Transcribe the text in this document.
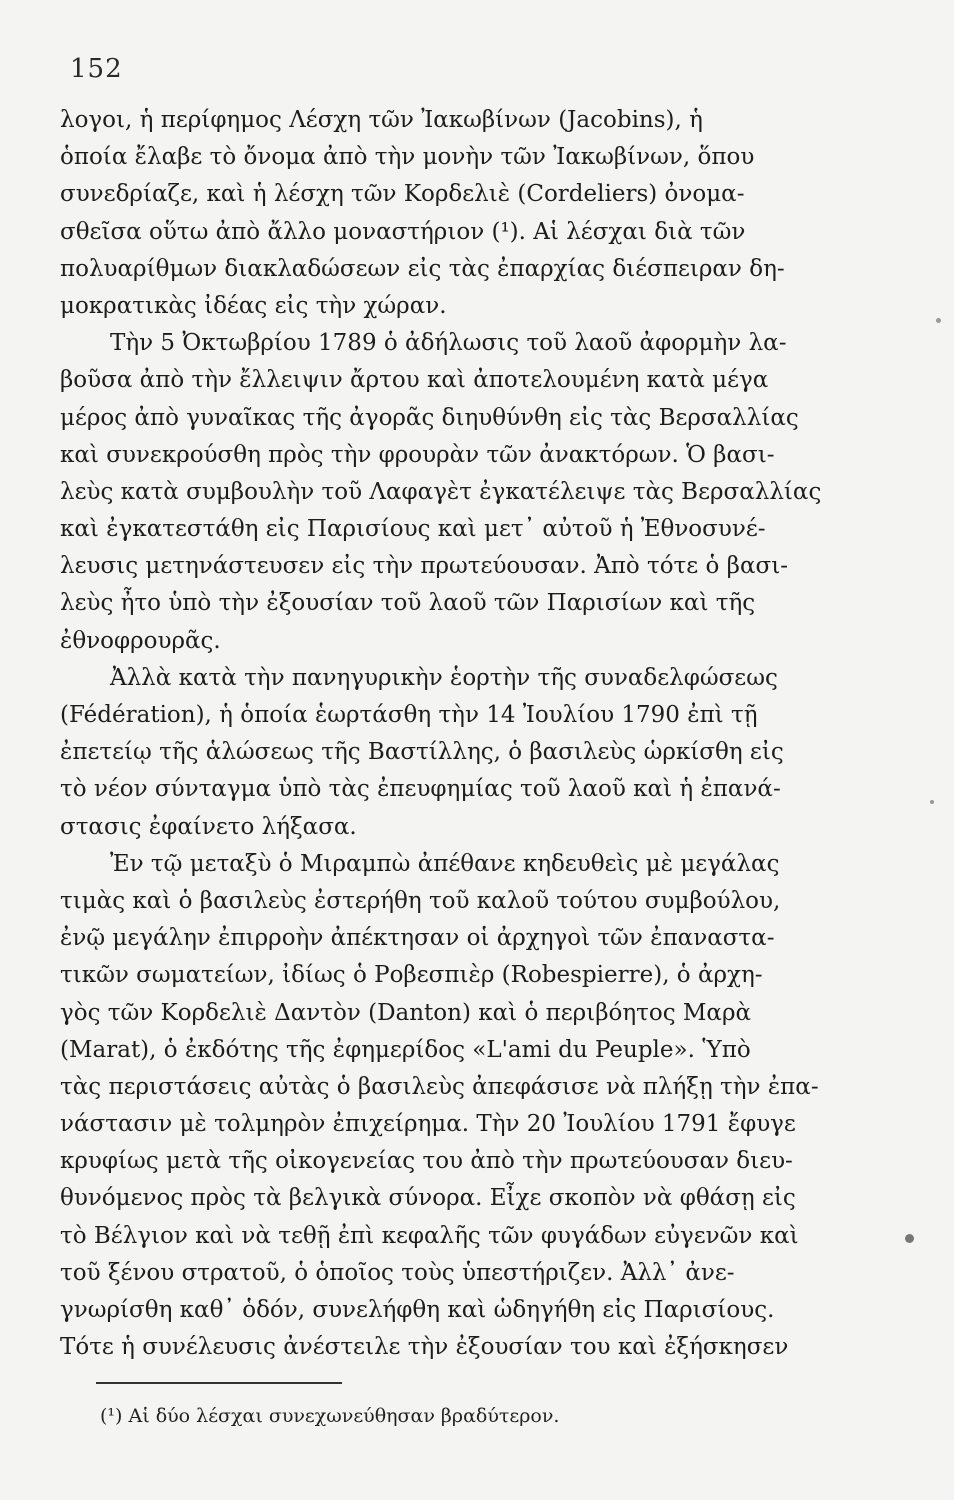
152
λογοι, ἡ περίφημος Λέσχη τῶν Ἰακωβίνων (Jacobins), ἡ
ὁποία ἔλαβε τὸ ὄνομα ἀπὸ τὴν μονὴν τῶν Ἰακωβίνων, ὅπου
συνεδρίαζε, καὶ ἡ λέσχη τῶν Κορδελιὲ (Cordeliers) ὀνομα-
σθεῖσα οὕτω ἀπὸ ἄλλο μοναστήριον (¹). Αἱ λέσχαι διὰ τῶν
πολυαρίθμων διακλαδώσεων εἰς τὰς ἐπαρχίας διέσπειραν δη-
μοκρατικὰς ἰδέας εἰς τὴν χώραν.
Τὴν 5 Ὀκτωβρίου 1789 ὁ ἀδήλωσις τοῦ λαοῦ ἀφορμὴν λα-
βοῦσα ἀπὸ τὴν ἔλλειψιν ἄρτου καὶ ἀποτελουμένη κατὰ μέγα
μέρος ἀπὸ γυναῖκας τῆς ἀγορᾶς διηυθύνθη εἰς τὰς Βερσαλλίας
καὶ συνεκρούσθη πρὸς τὴν φρουρὰν τῶν ἀνακτόρων. Ὁ βασι-
λεὺς κατὰ συμβουλὴν τοῦ Λαφαγὲτ ἐγκατέλειψε τὰς Βερσαλλίας
καὶ ἐγκατεστάθη εἰς Παρισίους καὶ μετ᾿ αὐτοῦ ἡ Ἐθνοσυνέ-
λευσις μετηνάστευσεν εἰς τὴν πρωτεύουσαν. Ἀπὸ τότε ὁ βασι-
λεὺς ἦτο ὑπὸ τὴν ἐξουσίαν τοῦ λαοῦ τῶν Παρισίων καὶ τῆς
ἐθνοφρουρᾶς.
Ἀλλὰ κατὰ τὴν πανηγυρικὴν ἑορτὴν τῆς συναδελφώσεως
(Fédération), ἡ ὁποία ἑωρτάσθη τὴν 14 Ἰουλίου 1790 ἐπὶ τῇ
ἐπετείῳ τῆς ἁλώσεως τῆς Βαστίλλης, ὁ βασιλεὺς ὡρκίσθη εἰς
τὸ νέον σύνταγμα ὑπὸ τὰς ἐπευφημίας τοῦ λαοῦ καὶ ἡ ἐπανά-
στασις ἐφαίνετο λήξασα.
Ἐν τῷ μεταξὺ ὁ Μιραμπὼ ἀπέθανε κηδευθεὶς μὲ μεγάλας
τιμὰς καὶ ὁ βασιλεὺς ἐστερήθη τοῦ καλοῦ τούτου συμβούλου,
ἐνῷ μεγάλην ἐπιρροὴν ἀπέκτησαν οἱ ἀρχηγοὶ τῶν ἐπαναστα-
τικῶν σωματείων, ἰδίως ὁ Ροβεσπιὲρ (Robespierre), ὁ ἀρχη-
γὸς τῶν Κορδελιὲ Δαντὸν (Danton) καὶ ὁ περιβόητος Μαρὰ
(Marat), ὁ ἐκδότης τῆς ἐφημερίδος «L'ami du Peuple». Ὑπὸ
τὰς περιστάσεις αὐτὰς ὁ βασιλεὺς ἀπεφάσισε νὰ πλήξῃ τὴν ἐπα-
νάστασιν μὲ τολμηρὸν ἐπιχείρημα. Τὴν 20 Ἰουλίου 1791 ἔφυγε
κρυφίως μετὰ τῆς οἰκογενείας του ἀπὸ τὴν πρωτεύουσαν διευ-
θυνόμενος πρὸς τὰ βελγικὰ σύνορα. Εἶχε σκοπὸν νὰ φθάσῃ εἰς
τὸ Βέλγιον καὶ νὰ τεθῇ ἐπὶ κεφαλῆς τῶν φυγάδων εὐγενῶν καὶ
τοῦ ξένου στρατοῦ, ὁ ὁποῖος τοὺς ὑπεστήριζεν. Ἀλλ᾿ ἀνε-
γνωρίσθη καθ᾿ ὁδόν, συνελήφθη καὶ ὡδηγήθη εἰς Παρισίους.
Τότε ἡ συνέλευσις ἀνέστειλε τὴν ἐξουσίαν του καὶ ἐξήσκησεν
(¹) Αἱ δύο λέσχαι συνεχωνεύθησαν βραδύτερον.
